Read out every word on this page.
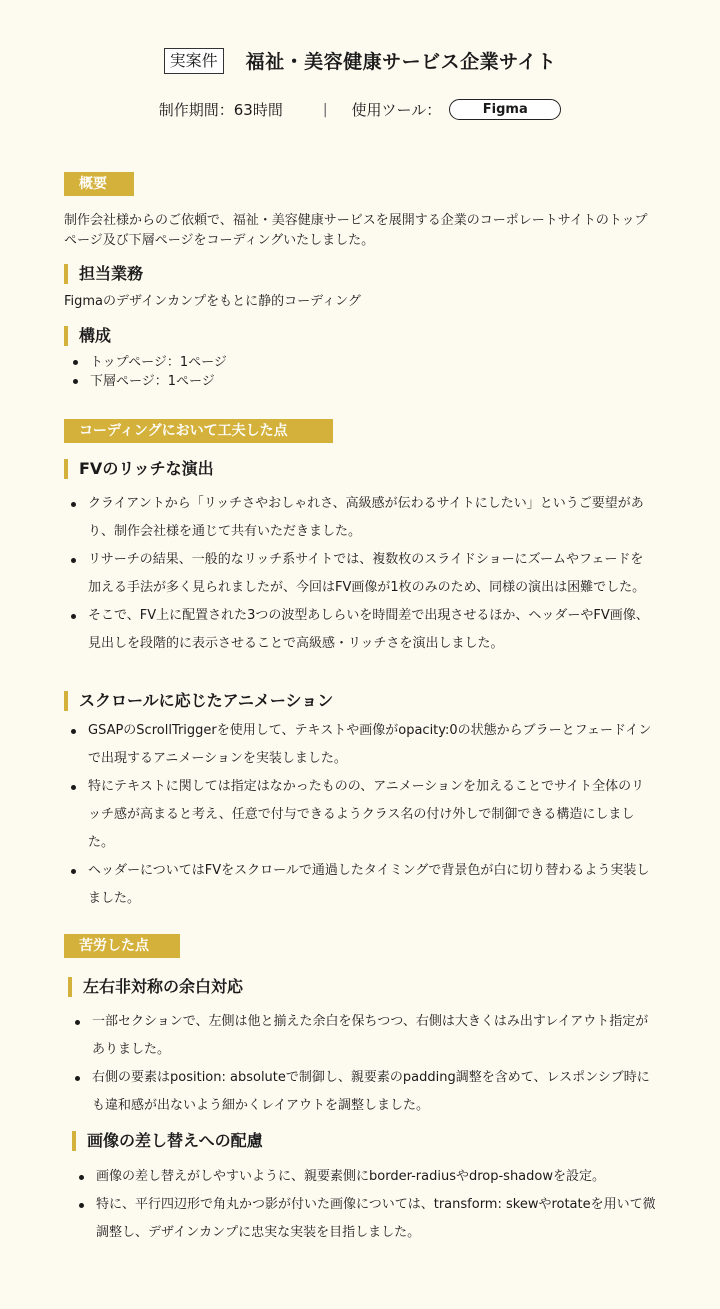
実案件	福祉・美容健康サービス企業サイト
制作期間：63時間	| 使用ツール：	Figma
概要
制作会社様からのご依頼で、福祉・美容健康サービスを展開する企業のコーポレートサイトのトップページ及び下層ページをコーディングいたしました。
担当業務
Figmaのデザインカンプをもとに静的コーディング
構成
トップページ：1ページ
下層ページ：1ページ
コーディングにおいて工夫した点
FVのリッチな演出
クライアントから「リッチさやおしゃれさ、高級感が伝わるサイトにしたい」というご要望があり、制作会社様を通じて共有いただきました。
リサーチの結果、一般的なリッチ系サイトでは、複数枚のスライドショーにズームやフェードを加える手法が多く見られましたが、今回はFV画像が1枚のみのため、同様の演出は困難でした。
そこで、FV上に配置された3つの波型あしらいを時間差で出現させるほか、ヘッダーやFV画像、見出しを段階的に表示させることで高級感・リッチさを演出しました。
スクロールに応じたアニメーション
GSAPのScrollTriggerを使用して、テキストや画像がopacity:0の状態からブラーとフェードインで出現するアニメーションを実装しました。
特にテキストに関しては指定はなかったものの、アニメーションを加えることでサイト全体のリッチ感が高まると考え、任意で付与できるようクラス名の付け外しで制御できる構造にしました。
ヘッダーについてはFVをスクロールで通過したタイミングで背景色が白に切り替わるよう実装しました。
苦労した点
左右非対称の余白対応
一部セクションで、左側は他と揃えた余白を保ちつつ、右側は大きくはみ出すレイアウト指定がありました。
右側の要素はposition: absoluteで制御し、親要素のpadding調整を含めて、レスポンシブ時にも違和感が出ないよう細かくレイアウトを調整しました。
画像の差し替えへの配慮
画像の差し替えがしやすいように、親要素側にborder-radiusやdrop-shadowを設定。
特に、平行四辺形で角丸かつ影が付いた画像については、transform: skewやrotateを用いて微調整し、デザインカンプに忠実な実装を目指しました。
